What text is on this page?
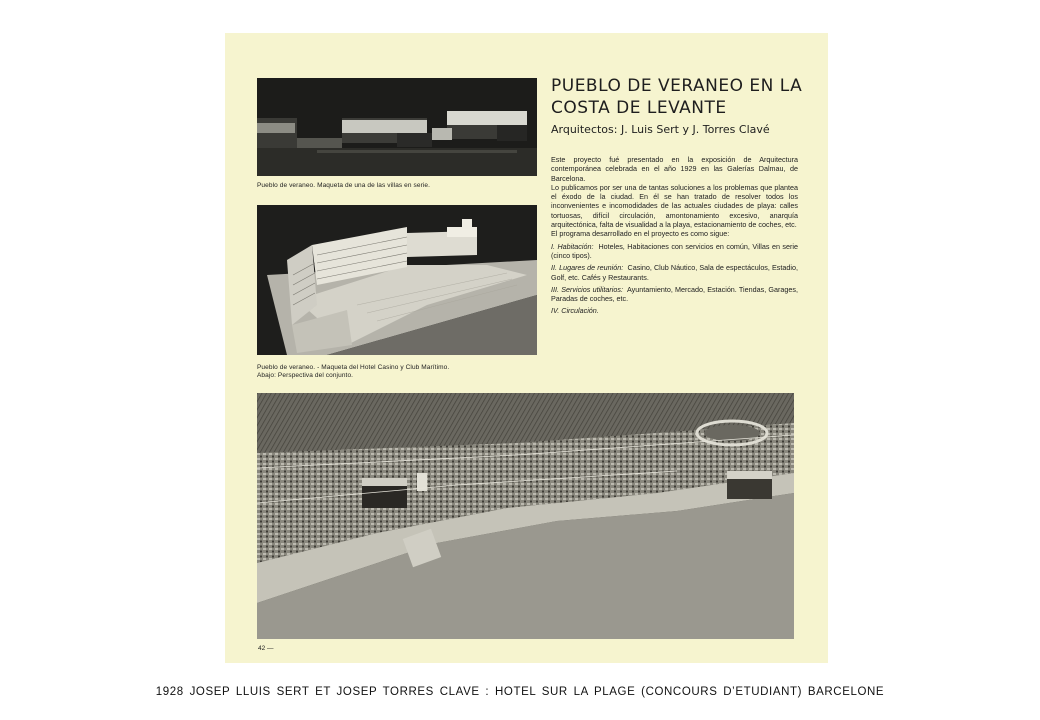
Pueblo de veraneo. Maqueta de una de las villas en serie.
Pueblo de veraneo. - Maqueta del Hotel Casino y Club Marítimo.
Abajo: Perspectiva del conjunto.
PUEBLO DE VERANEO EN LA
COSTA DE LEVANTE
Arquitectos: J. Luis Sert y J. Torres Clavé

Este proyecto fué presentado en la exposición de Arquitectura contemporánea celebrada en el año 1929 en las Galerías Dalmau, de Barcelona.

Lo publicamos por ser una de tantas soluciones a los problemas que plantea el éxodo de la ciudad. En él se han tratado de resolver todos los inconvenientes e incomodidades de las actuales ciudades de playa: calles tortuosas, difícil circulación, amontonamiento excesivo, anarquía arquitectónica, falta de visualidad a la playa, estacionamiento de coches, etc.

El programa desarrollado en el proyecto es como sigue:

I. Habitación: Hoteles, Habitaciones con servicios en común, Villas en serie (cinco tipos).

II. Lugares de reunión: Casino, Club Náutico, Sala de espectáculos, Estadio, Golf, etc. Cafés y Restaurants.

III. Servicios utilitarios: Ayuntamiento, Mercado, Estación. Tiendas, Garages, Paradas de coches, etc.

IV. Circulación.

42 —
1928 JOSEP LLUIS SERT ET JOSEP TORRES CLAVE : HOTEL SUR LA PLAGE (CONCOURS D’ETUDIANT) BARCELONE
